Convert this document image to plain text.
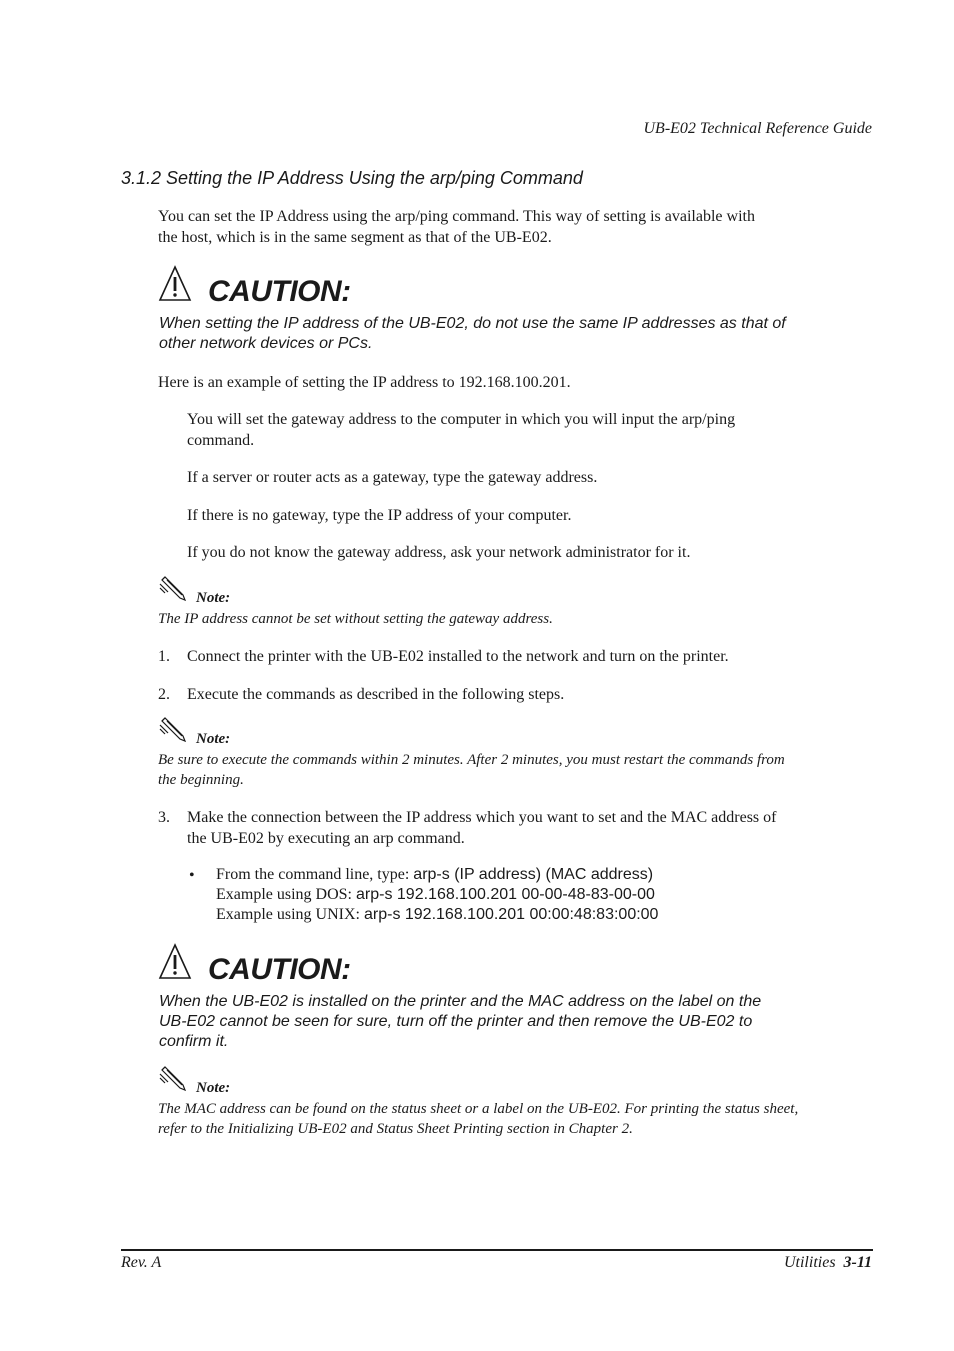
UB-E02 Technical Reference Guide
3.1.2 Setting the IP Address Using the arp/ping Command
You can set the IP Address using the arp/ping command. This way of setting is available with
the host, which is in the same segment as that of the UB-E02.
CAUTION:
When setting the IP address of the UB-E02, do not use the same IP addresses as that of
other network devices or PCs.
Here is an example of setting the IP address to 192.168.100.201.
You will set the gateway address to the computer in which you will input the arp/ping
command.
If a server or router acts as a gateway, type the gateway address.
If there is no gateway, type the IP address of your computer.
If you do not know the gateway address, ask your network administrator for it.
Note:
The IP address cannot be set without setting the gateway address.
1. Connect the printer with the UB-E02 installed to the network and turn on the printer.
2. Execute the commands as described in the following steps.
Note:
Be sure to execute the commands within 2 minutes. After 2 minutes, you must restart the commands from
the beginning.
3. Make the connection between the IP address which you want to set and the MAC address of
the UB-E02 by executing an arp command.
• From the command line, type: arp-s (IP address) (MAC address)
Example using DOS: arp-s 192.168.100.201 00-00-48-83-00-00
Example using UNIX: arp-s 192.168.100.201 00:00:48:83:00:00
CAUTION:
When the UB-E02 is installed on the printer and the MAC address on the label on the
UB-E02 cannot be seen for sure, turn off the printer and then remove the UB-E02 to
confirm it.
Note:
The MAC address can be found on the status sheet or a label on the UB-E02. For printing the status sheet,
refer to the Initializing UB-E02 and Status Sheet Printing section in Chapter 2.
Rev. A	Utilities 3-11
